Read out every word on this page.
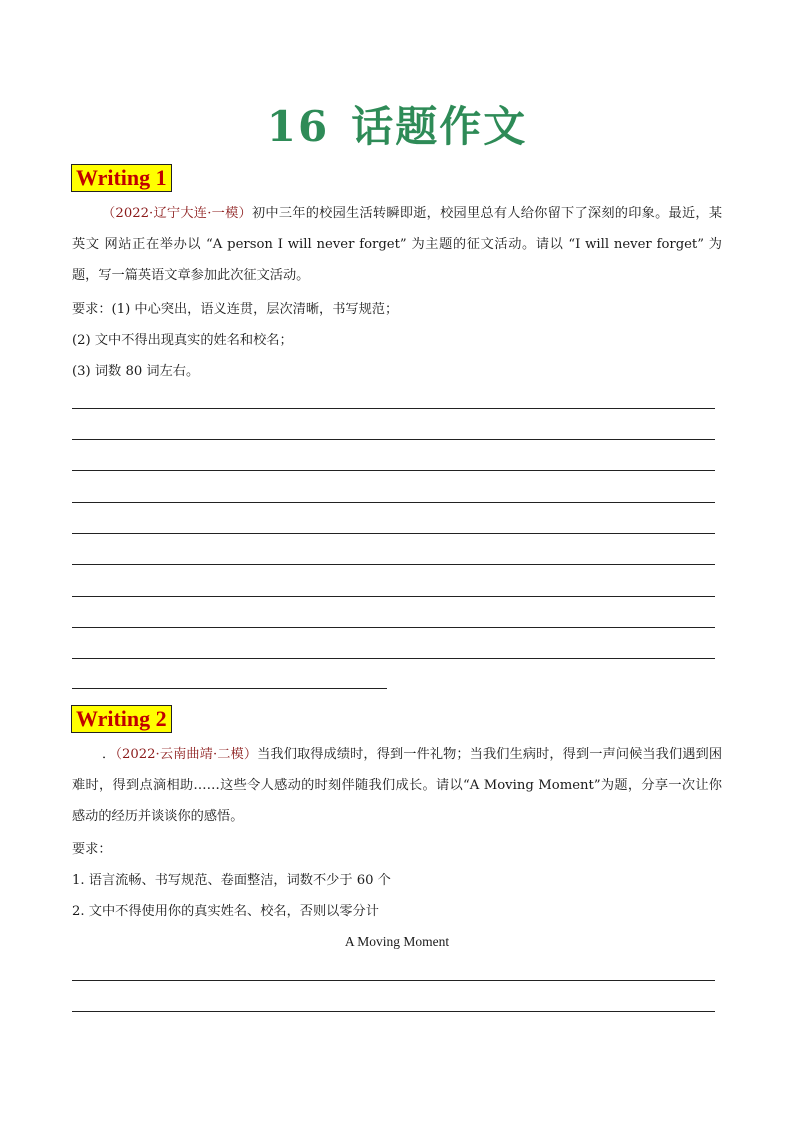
16 话题作文
Writing 1
（2022·辽宁大连·一模）初中三年的校园生活转瞬即逝，校园里总有人给你留下了深刻的印象。最近，某英文 网站正在举办以 “A person I will never forget” 为主题的征文活动。请以 “I will never forget” 为题，写一篇英语文章参加此次征文活动。
要求：(1) 中心突出，语义连贯，层次清晰，书写规范；
(2) 文中不得出现真实的姓名和校名；
(3) 词数 80 词左右。
Writing 2
．（2022·云南曲靖·二模）当我们取得成绩时，得到一件礼物；当我们生病时，得到一声问候当我们遇到困难时，得到点滴相助……这些令人感动的时刻伴随我们成长。请以“A Moving Moment”为题，分享一次让你感动的经历并谈谈你的感悟。
要求：
1. 语言流畅、书写规范、卷面整洁，词数不少于 60 个
2. 文中不得使用你的真实姓名、校名，否则以零分计
A Moving Moment
